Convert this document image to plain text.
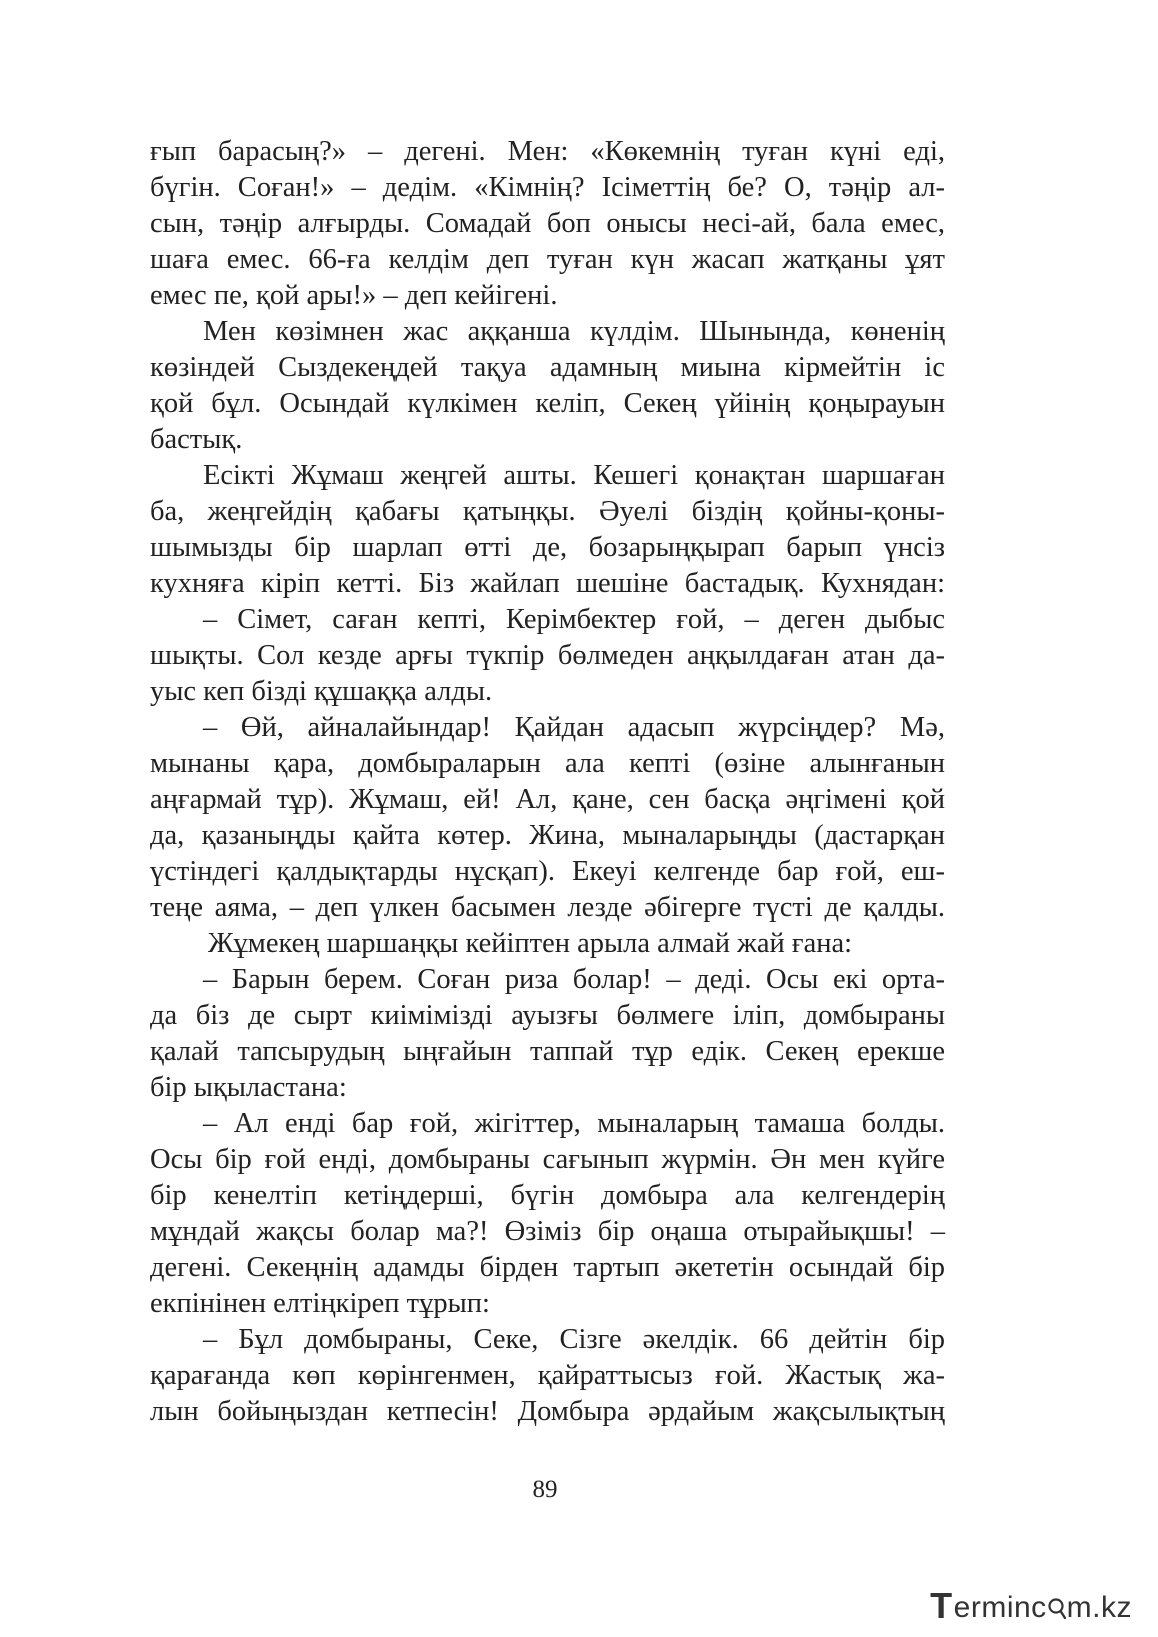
ғып барасың?» – дегені. Мен: «Көкемнің туған күні еді,
бүгін. Соған!» – дедім. «Кімнің? Ісіметтің бе? О, тәңір ал-
сын, тәңір алғырды. Сомадай боп онысы несі-ай, бала емес,
шаға емес. 66-ға келдім деп туған күн жасап жатқаны ұят
емес пе, қой ары!» – деп кейігені.
Мен көзімнен жас аққанша күлдім. Шынында, көненің
көзіндей Сыздекеңдей тақуа адамның миына кірмейтін іс
қой бұл. Осындай күлкімен келіп, Секең үйінің қоңырауын
бастық.
Есікті Жұмаш жеңгей ашты. Кешегі қонақтан шаршаған
ба, жеңгейдің қабағы қатыңқы. Әуелі біздің қойны-қоны-
шымызды бір шарлап өтті де, бозарыңқырап барып үнсіз
кухняға кіріп кетті. Біз жайлап шешіне бастадық. Кухнядан:
– Сімет, саған кепті, Керімбектер ғой, – деген дыбыс
шықты. Сол кезде арғы түкпір бөлмеден аңқылдаған атан да-
уыс кеп бізді құшаққа алды.
– Өй, айналайындар! Қайдан адасып жүрсіңдер? Мә,
мынаны қара, домбыраларын ала кепті (өзіне алынғанын
аңғармай тұр). Жұмаш, ей! Ал, қане, сен басқа әңгімені қой
да, қазаныңды қайта көтер. Жина, мыналарыңды (дастарқан
үстіндегі қалдықтарды нұсқап). Екеуі келгенде бар ғой, еш-
теңе аяма, – деп үлкен басымен лезде әбігерге түсті де қалды.
Жұмекең шаршаңқы кейіптен арыла алмай жай ғана:
– Барын берем. Соған риза болар! – деді. Осы екі орта-
да біз де сырт киімімізді ауызғы бөлмеге іліп, домбыраны
қалай тапсырудың ыңғайын таппай тұр едік. Секең ерекше
бір ықыластана:
– Ал енді бар ғой, жігіттер, мыналарың тамаша болды.
Осы бір ғой енді, домбыраны сағынып жүрмін. Ән мен күйге
бір кенелтіп кетіңдерші, бүгін домбыра ала келгендерің
мұндай жақсы болар ма?! Өзіміз бір оңаша отырайықшы! –
дегені. Секеңнің адамды бірден тартып әкететін осындай бір
екпінінен елтіңкіреп тұрып:
– Бұл домбыраны, Секе, Сізге әкелдік. 66 дейтін бір
қарағанда көп көрінгенмен, қайраттысыз ғой. Жастық жа-
лын бойыңыздан кетпесін! Домбыра әрдайым жақсылықтың
89
T erminc m.kz
